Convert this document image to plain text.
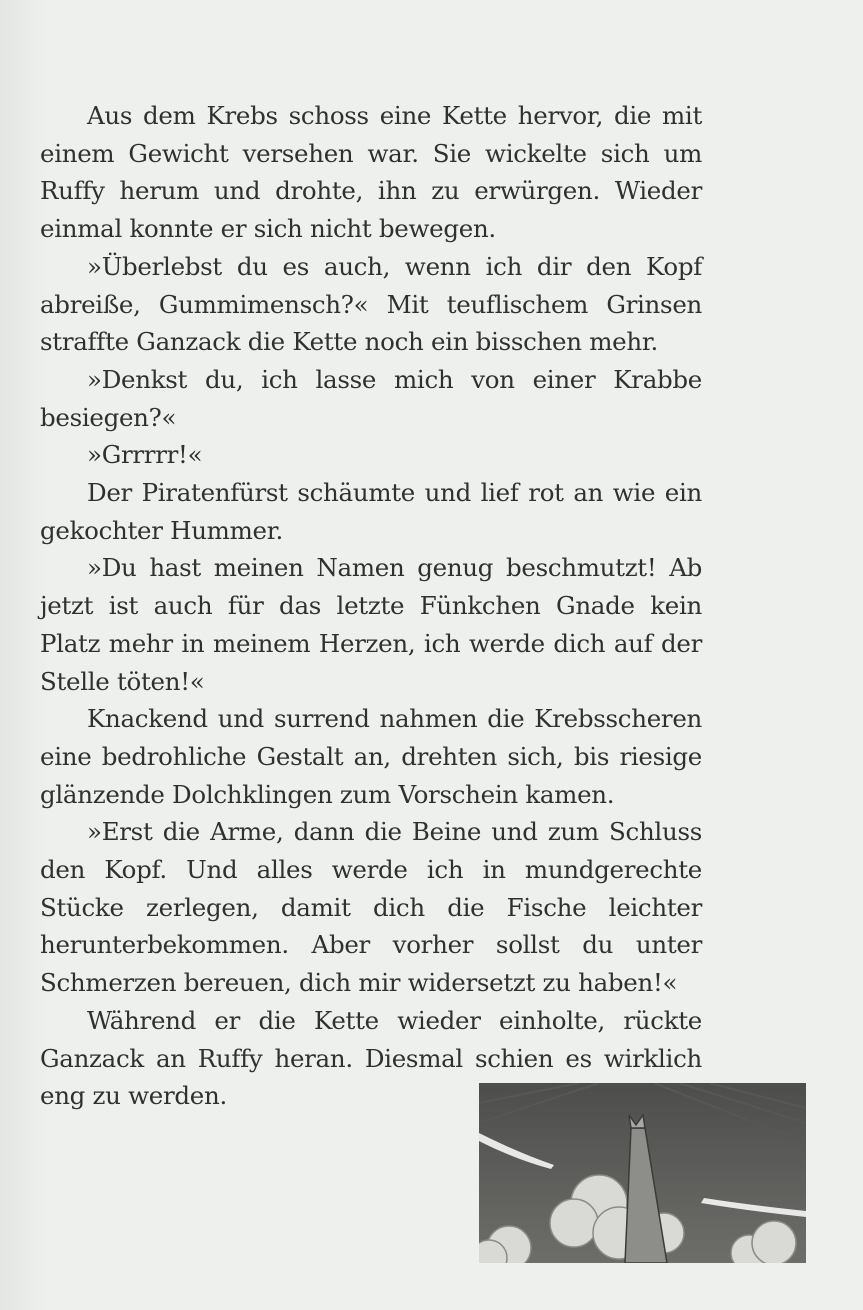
Aus dem Krebs schoss eine Kette hervor, die mit einem Gewicht versehen war. Sie wickelte sich um Ruffy herum und drohte, ihn zu erwürgen. Wieder einmal konnte er sich nicht bewegen.

»Überlebst du es auch, wenn ich dir den Kopf abreiße, Gummimensch?« Mit teuflischem Grinsen straffte Ganzack die Kette noch ein bisschen mehr.

»Denkst du, ich lasse mich von einer Krabbe besiegen?«

»Grrrrr!«

Der Piratenfürst schäumte und lief rot an wie ein gekochter Hummer.

»Du hast meinen Namen genug beschmutzt! Ab jetzt ist auch für das letzte Fünkchen Gnade kein Platz mehr in meinem Herzen, ich werde dich auf der Stelle töten!«

Knackend und surrend nahmen die Krebsscheren eine bedrohliche Gestalt an, drehten sich, bis riesige glänzende Dolchklingen zum Vorschein kamen.

»Erst die Arme, dann die Beine und zum Schluss den Kopf. Und alles werde ich in mundgerechte Stücke zerlegen, damit dich die Fische leichter herunterbekommen. Aber vorher sollst du unter Schmerzen bereuen, dich mir widersetzt zu haben!«

Während er die Kette wieder einholte, rückte Ganzack an Ruffy heran. Diesmal schien es wirklich eng zu werden.
